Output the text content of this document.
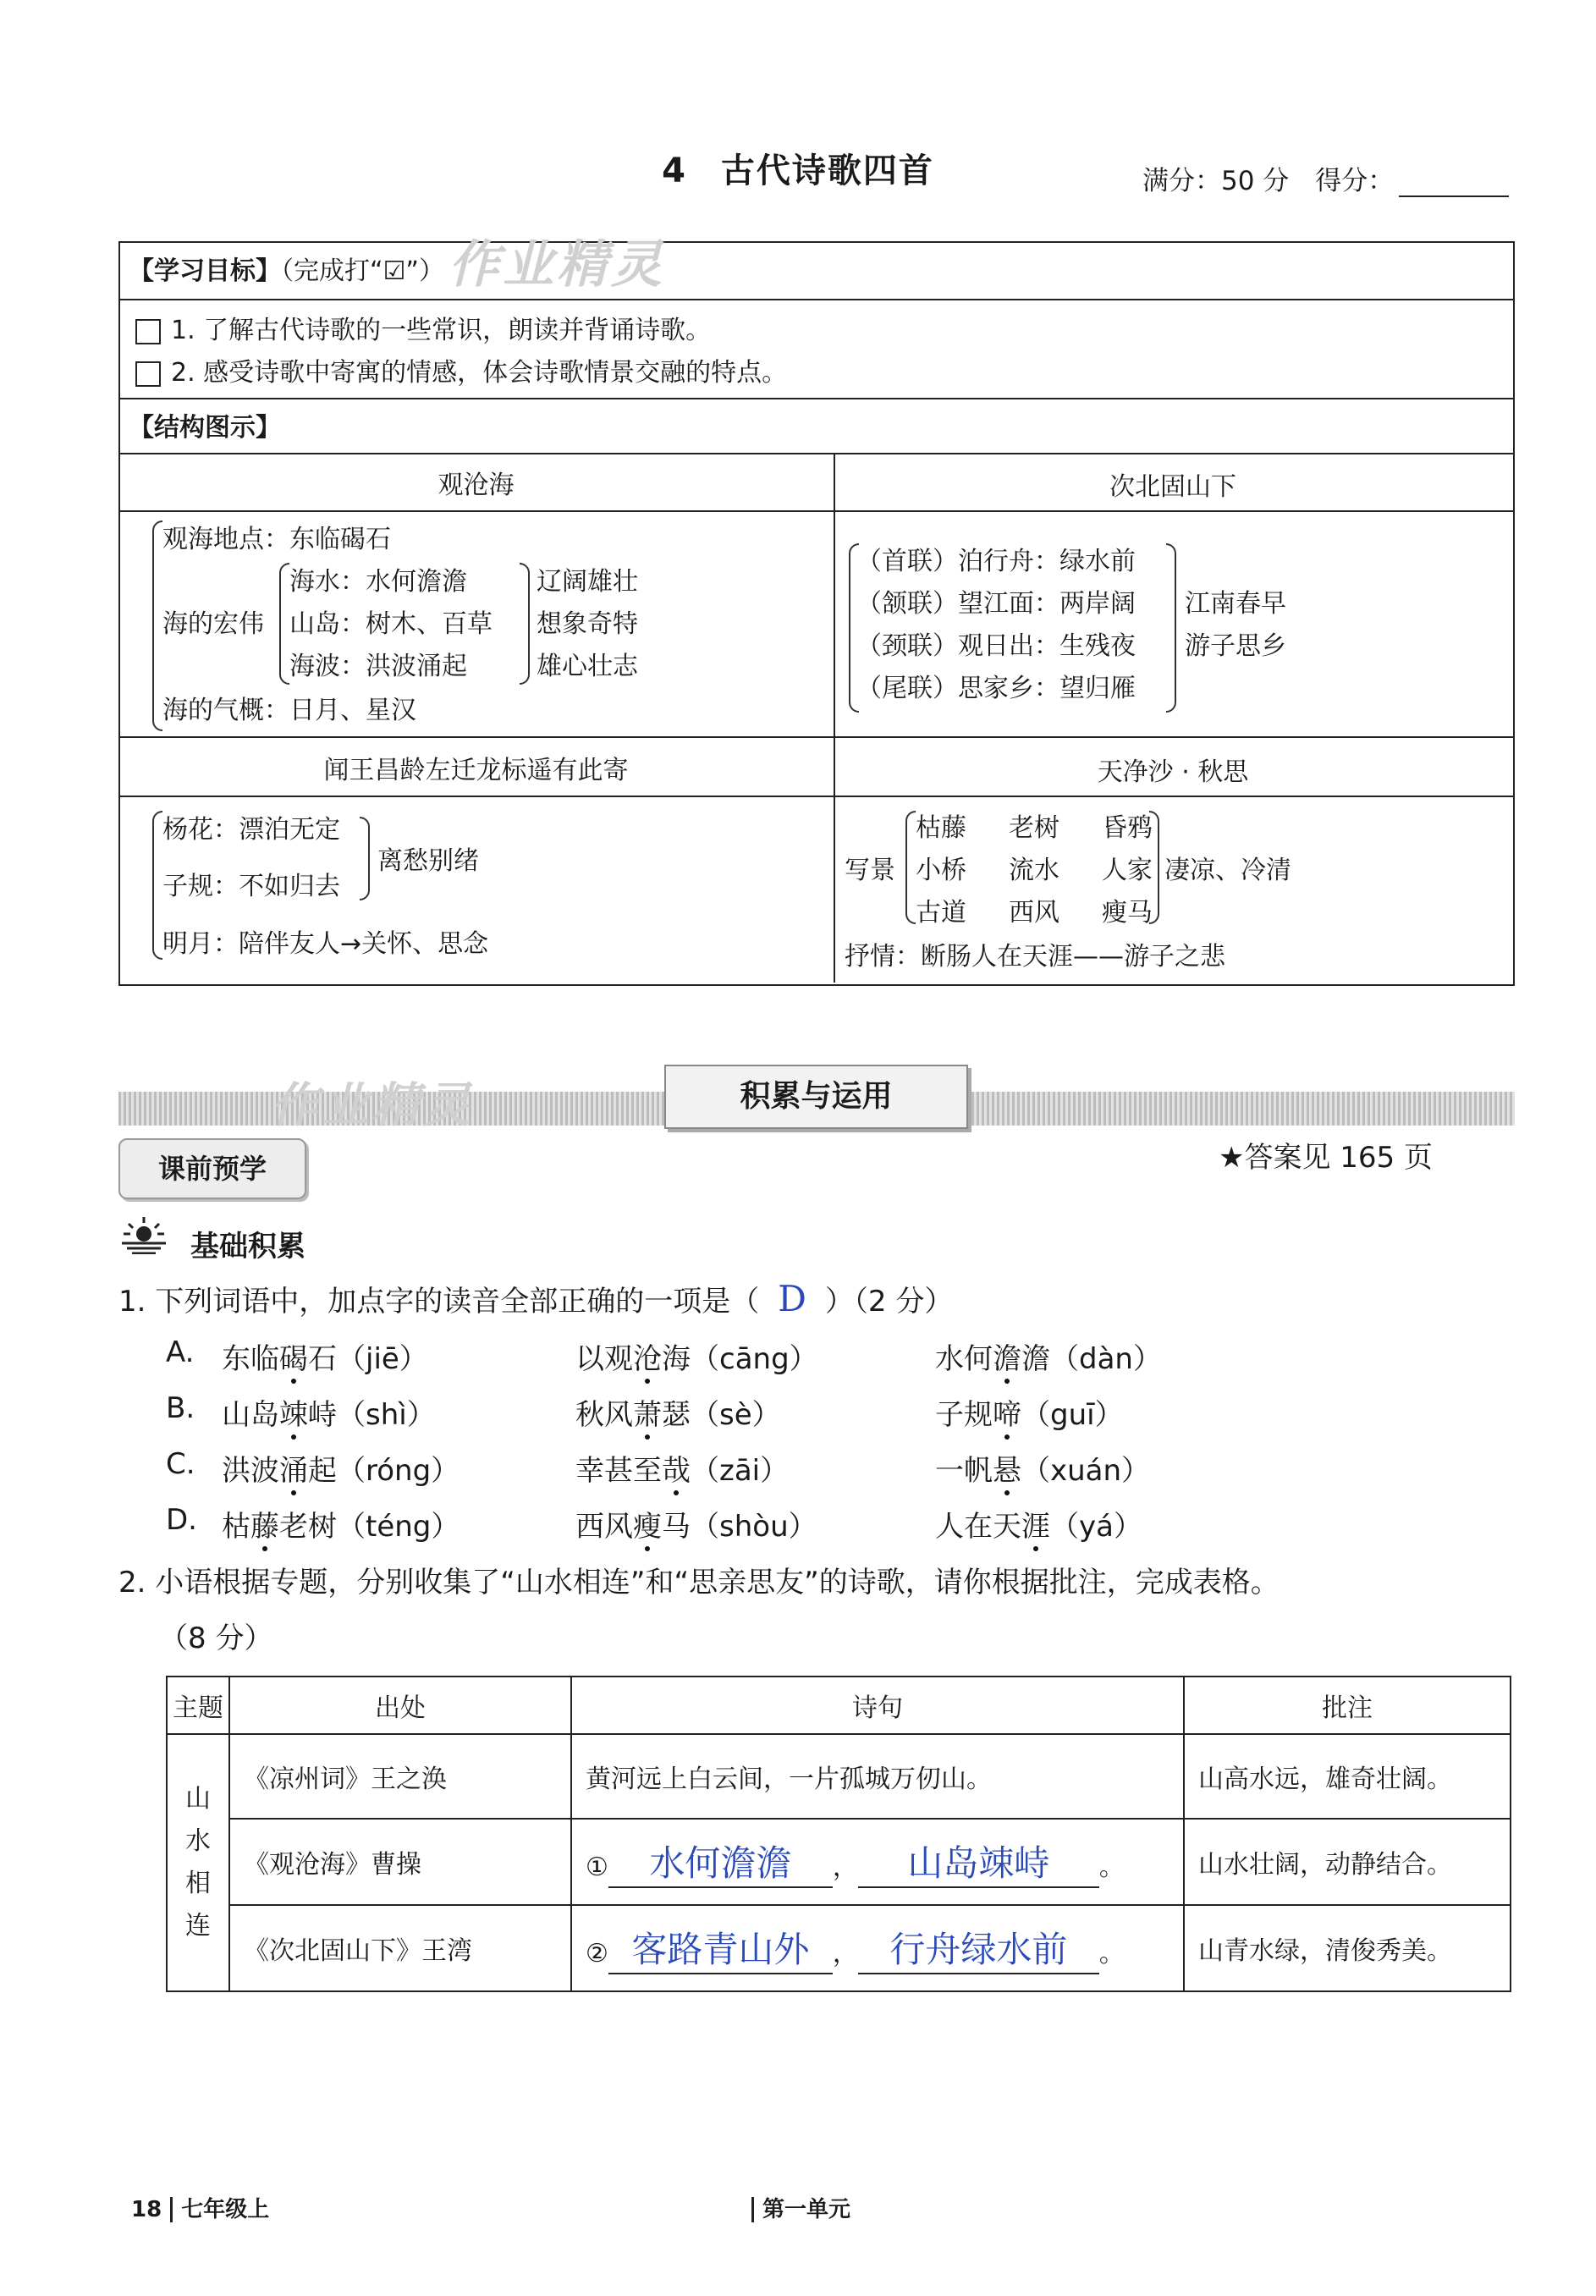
4 古代诗歌四首	满分：50 分　得分：
作业精灵
【学习目标】（完成打“☑”）
1. 了解古代诗歌的一些常识，朗读并背诵诗歌。
2. 感受诗歌中寄寓的情感，体会诗歌情景交融的特点。
【结构图示】
观沧海
观海地点：东临碣石
海的宏伟
海水：水何澹澹
山岛：树木、百草
海波：洪波涌起
辽阔雄壮
想象奇特
雄心壮志
海的气概：日月、星汉
次北固山下
（首联）泊行舟：绿水前
（颔联）望江面：两岸阔
（颈联）观日出：生残夜
（尾联）思家乡：望归雁
江南春早
游子思乡
闻王昌龄左迁龙标遥有此寄
杨花：漂泊无定
子规：不如归去
离愁别绪
明月：陪伴友人→关怀、思念
天净沙 · 秋思
写景
枯藤 老树 昏鸦
小桥 流水 人家
古道 西风 瘦马
凄凉、冷清
抒情：断肠人在天涯——游子之悲
作业精灵	积累与运用
课前预学	★答案见 165 页
基础积累
1. 下列词语中，加点字的读音全部正确的一项是（ D ）（2 分）
A. 东临碣石（jiē）	以观沧海（cāng）	水何澹澹（dàn）
B. 山岛竦峙（shì）	秋风萧瑟（sè）	子规啼（guī）
C. 洪波涌起（róng）	幸甚至哉（zāi）	一帆悬（xuán）
D. 枯藤老树（téng）	西风瘦马（shòu）	人在天涯（yá）
2. 小语根据专题，分别收集了“山水相连”和“思亲思友”的诗歌，请你根据批注，完成表格。
（8 分）
主题	出处	诗句	批注

山水相连	《凉州词》王之涣	黄河远上白云间，一片孤城万仞山。	山高水远，雄奇壮阔。
	《观沧海》曹操	① 水何澹澹 ， 山岛竦峙 。	山水壮阔，动静结合。
	《次北固山下》王湾	② 客路青山外 ， 行舟绿水前 。	山青水绿，清俊秀美。
18 七年级上	第一单元
